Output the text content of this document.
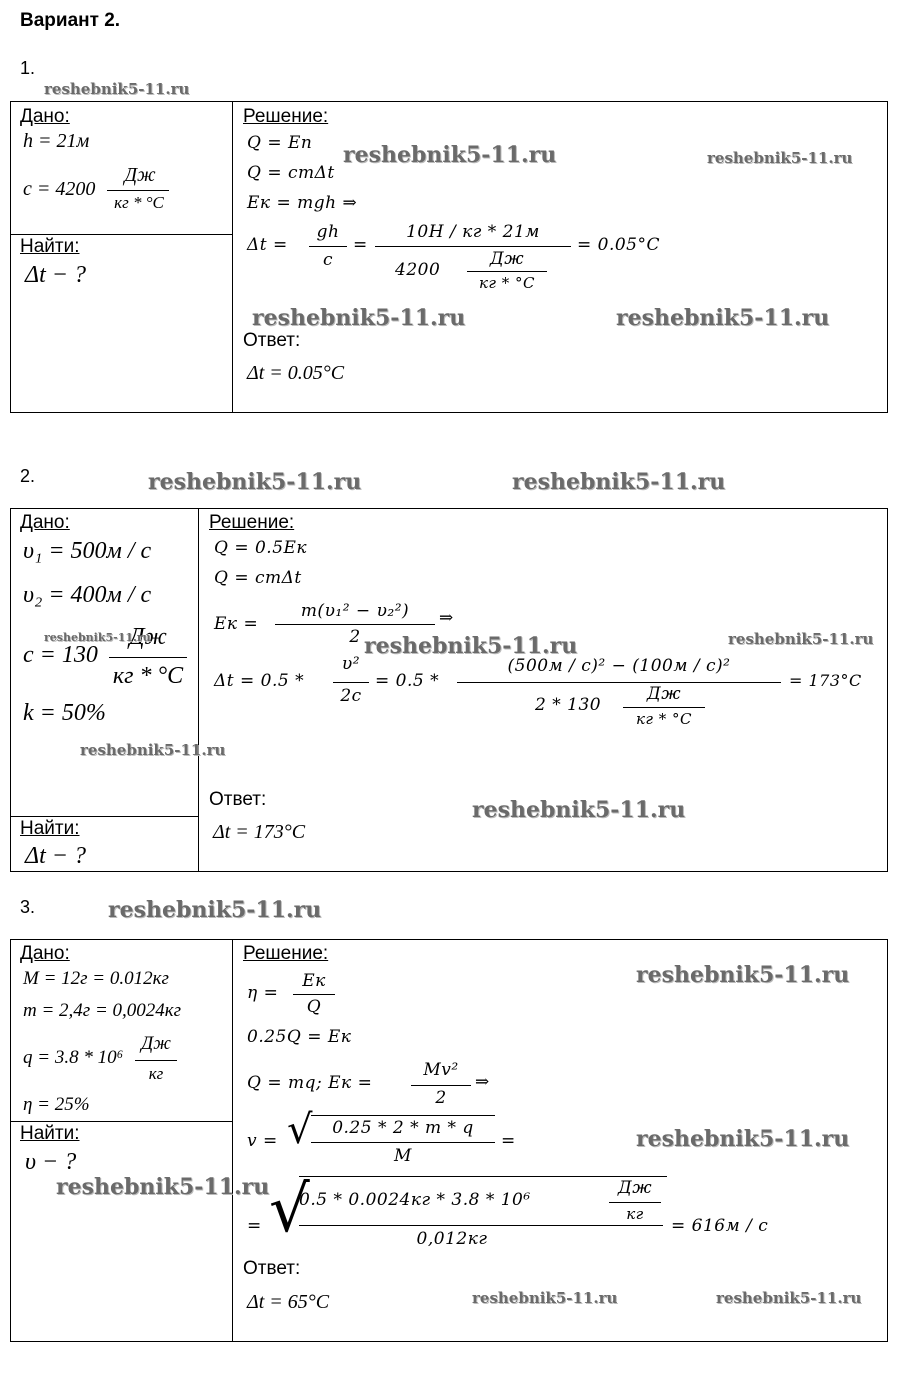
Вариант 2.
1.
reshebnik5-11.ru
Дано:
h = 21м
c = 4200
Дж
кг * °C
Найти:
Δt − ?
Решение:
Q = Eп
Q = cmΔt
Eк = mgh ⇒
Δt =
gh
c
=
10H / кг * 21м
4200
Дж
кг * °C
= 0.05°C
Ответ:
Δt = 0.05°C
reshebnik5-11.ru	reshebnik5-11.ru
reshebnik5-11.ru	reshebnik5-11.ru
2.	reshebnik5-11.ru	reshebnik5-11.ru
Дано:
υ₁ = 500м / с
υ₂ = 400м / с
c = 130
Дж
кг * °C
k = 50%
Найти:
Δt − ?
Решение:
Q = 0.5Eк
Q = cmΔt
Eк =
m(υ₁² − υ₂²)
2
⇒
Δt = 0.5 *
υ²
2c
= 0.5 *
(500м / c)² − (100м / c)²
2 * 130
Дж
кг * °C
= 173°C
Ответ:
Δt = 173°C
reshebnik5-11.ru	reshebnik5-11.ru	reshebnik5-11.ru
reshebnik5-11.ru
reshebnik5-11.ru
3.	reshebnik5-11.ru
Дано:
M = 12г = 0.012кг
m = 2,4г = 0,0024кг
q = 3.8 * 10⁶
Дж
кг
η = 25%
Найти:
υ − ?
Решение:
η =
Eк
Q
0.25Q = Eк
Q = mq; Eк =
Mv²
2
⇒
v = √	0.25 * 2 * m * q
M
=
= √
0.5 * 0.0024кг * 3.8 * 10⁶
Дж
кг
0,012кг
= 616м / c
Ответ:
Δt = 65°C
reshebnik5-11.ru
reshebnik5-11.ru
reshebnik5-11.ru
reshebnik5-11.ru	reshebnik5-11.ru
